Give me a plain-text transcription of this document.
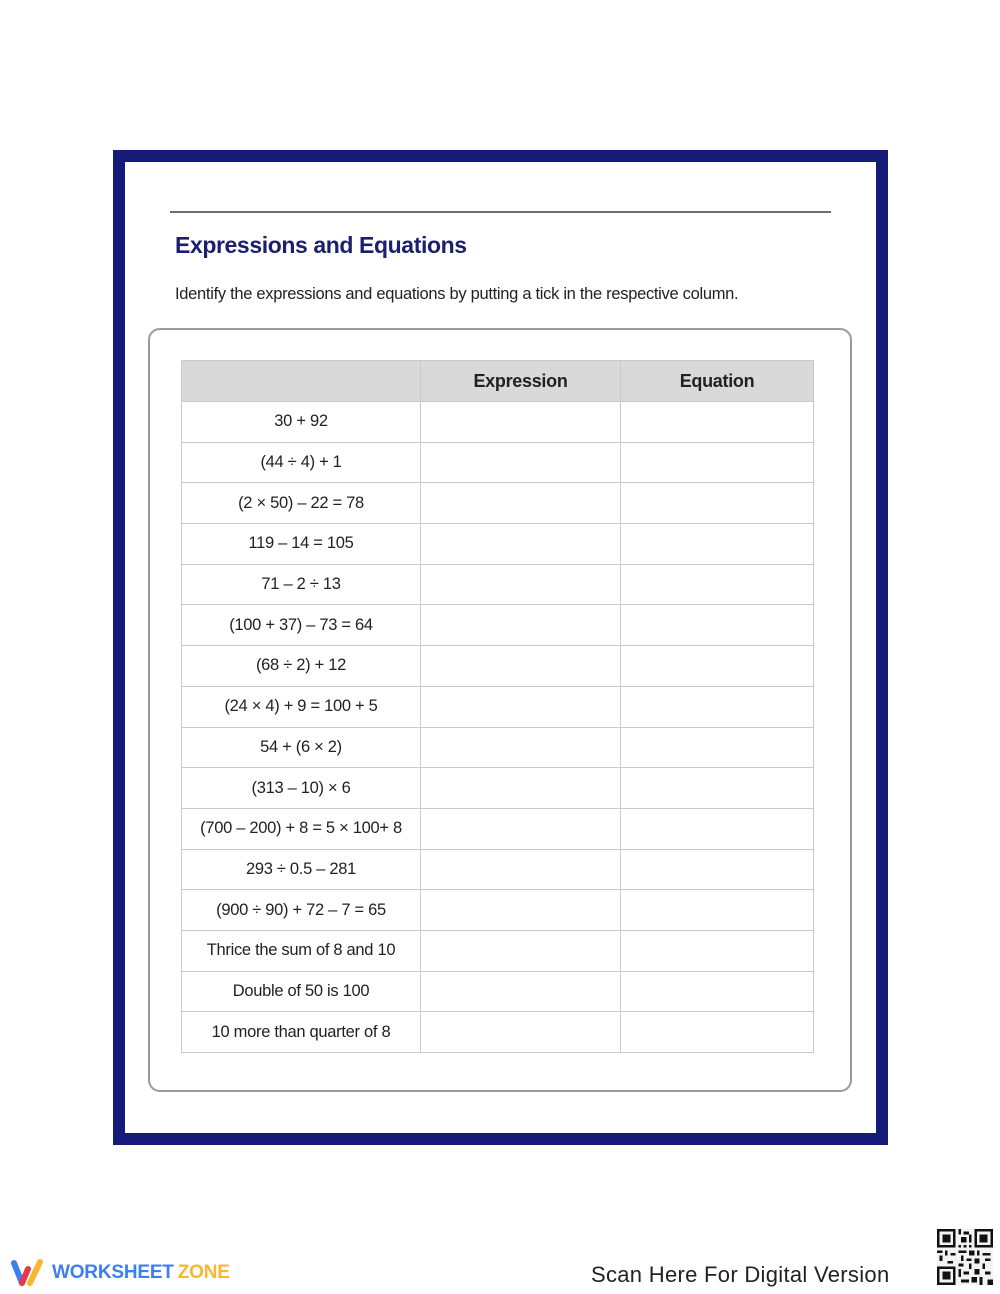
Expressions and Equations
Identify the expressions and equations by putting a tick in the respective column.
	Expression	Equation
30 + 92		
(44 ÷ 4) + 1		
(2 × 50) – 22 = 78		
119 – 14 = 105		
71 – 2 ÷ 13		
(100 + 37) – 73 = 64		
(68 ÷ 2) + 12		
(24 × 4) + 9 = 100 + 5		
54 + (6 × 2)		
(313 – 10) × 6		
(700 – 200) + 8 = 5 × 100+ 8		
293 ÷ 0.5 – 281		
(900 ÷ 90) + 72 – 7 = 65		
Thrice the sum of 8 and 10		
Double of 50 is 100		
10 more than quarter of 8		
WORKSHEET ZONE	Scan Here For Digital Version
